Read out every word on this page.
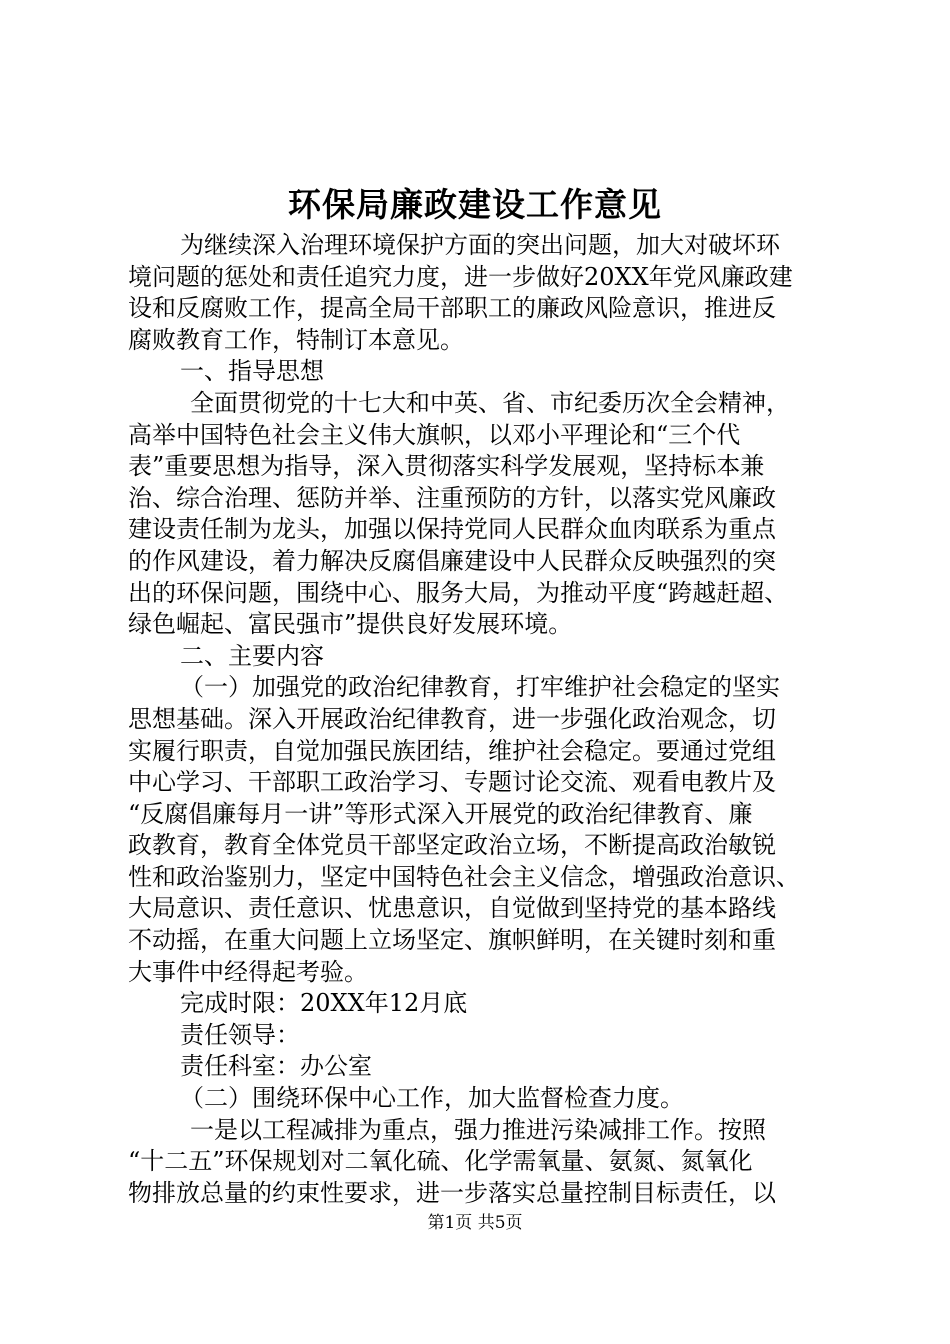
环保局廉政建设工作意见
为继续深入治理环境保护方面的突出问题，加大对破坏环
境问题的惩处和责任追究力度，进一步做好20XX年党风廉政建
设和反腐败工作，提高全局干部职工的廉政风险意识，推进反
腐败教育工作，特制订本意见。
一、指导思想
全面贯彻党的十七大和中英、省、市纪委历次全会精神，
高举中国特色社会主义伟大旗帜，以邓小平理论和“三个代
表”重要思想为指导，深入贯彻落实科学发展观，坚持标本兼
治、综合治理、惩防并举、注重预防的方针，以落实党风廉政
建设责任制为龙头，加强以保持党同人民群众血肉联系为重点
的作风建设，着力解决反腐倡廉建设中人民群众反映强烈的突
出的环保问题，围绕中心、服务大局，为推动平度“跨越赶超、
绿色崛起、富民强市”提供良好发展环境。
二、主要内容
（一）加强党的政治纪律教育，打牢维护社会稳定的坚实
思想基础。深入开展政治纪律教育，进一步强化政治观念，切
实履行职责，自觉加强民族团结，维护社会稳定。要通过党组
中心学习、干部职工政治学习、专题讨论交流、观看电教片及
“反腐倡廉每月一讲”等形式深入开展党的政治纪律教育、廉
政教育，教育全体党员干部坚定政治立场，不断提高政治敏锐
性和政治鉴别力，坚定中国特色社会主义信念，增强政治意识、
大局意识、责任意识、忧患意识，自觉做到坚持党的基本路线
不动摇，在重大问题上立场坚定、旗帜鲜明，在关键时刻和重
大事件中经得起考验。
完成时限：20XX年12月底
责任领导：
责任科室：办公室
（二）围绕环保中心工作，加大监督检查力度。
一是以工程减排为重点，强力推进污染减排工作。按照
“十二五”环保规划对二氧化硫、化学需氧量、氨氮、氮氧化
物排放总量的约束性要求，进一步落实总量控制目标责任，以
第1页 共5页
